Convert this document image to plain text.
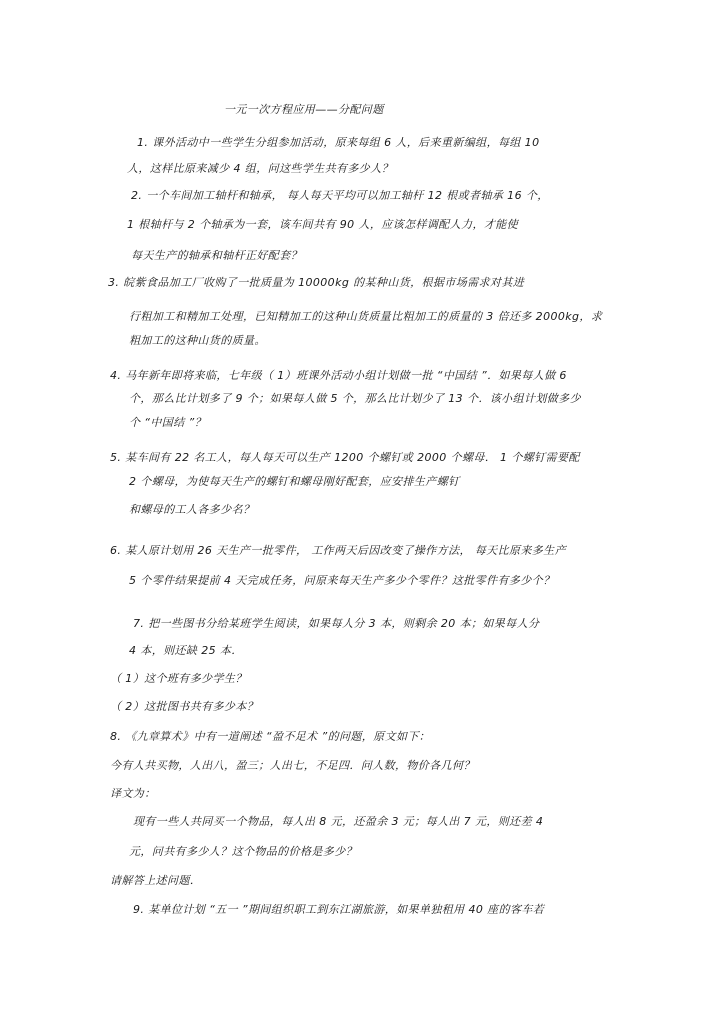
一元一次方程应用——分配问题
1. 课外活动中一些学生分组参加活动，原来每组 6 人，后来重新编组，每组 10
人，这样比原来减少 4 组，问这些学生共有多少人？
2. 一个车间加工轴杆和轴承， 每人每天平均可以加工轴杆 12 根或者轴承 16 个，
1 根轴杆与 2 个轴承为一套，该车间共有 90 人，应该怎样调配人力，才能使
每天生产的轴承和轴杆正好配套？
3. 皖紫食品加工厂收购了一批质量为 10000kg 的某种山货，根据市场需求对其进
行粗加工和精加工处理，已知精加工的这种山货质量比粗加工的质量的 3 倍还多 2000kg，求
粗加工的这种山货的质量。
4. 马年新年即将来临，七年级（ 1）班课外活动小组计划做一批 “中国结 ”．如果每人做 6
个，那么比计划多了 9 个；如果每人做 5 个，那么比计划少了 13 个．该小组计划做多少
个 “中国结 ”？
5. 某车间有 22 名工人，每人每天可以生产 1200 个螺钉或 2000 个螺母． 1 个螺钉需要配
2 个螺母，为使每天生产的螺钉和螺母刚好配套，应安排生产螺钉
和螺母的工人各多少名？
6. 某人原计划用 26 天生产一批零件， 工作两天后因改变了操作方法， 每天比原来多生产
5 个零件结果提前 4 天完成任务，问原来每天生产多少个零件？这批零件有多少个？
7. 把一些图书分给某班学生阅读，如果每人分 3 本，则剩余 20 本；如果每人分
4 本，则还缺 25 本．
（ 1）这个班有多少学生？
（ 2）这批图书共有多少本？
8. 《九章算术》中有一道阐述 “盈不足术 ”的问题，原文如下：
今有人共买物，人出八，盈三；人出七，不足四．问人数，物价各几何？
译文为：
现有一些人共同买一个物品，每人出 8 元，还盈余 3 元；每人出 7 元，则还差 4
元，问共有多少人？这个物品的价格是多少？
请解答上述问题．
9. 某单位计划 “五一 ”期间组织职工到东江湖旅游，如果单独租用 40 座的客车若
